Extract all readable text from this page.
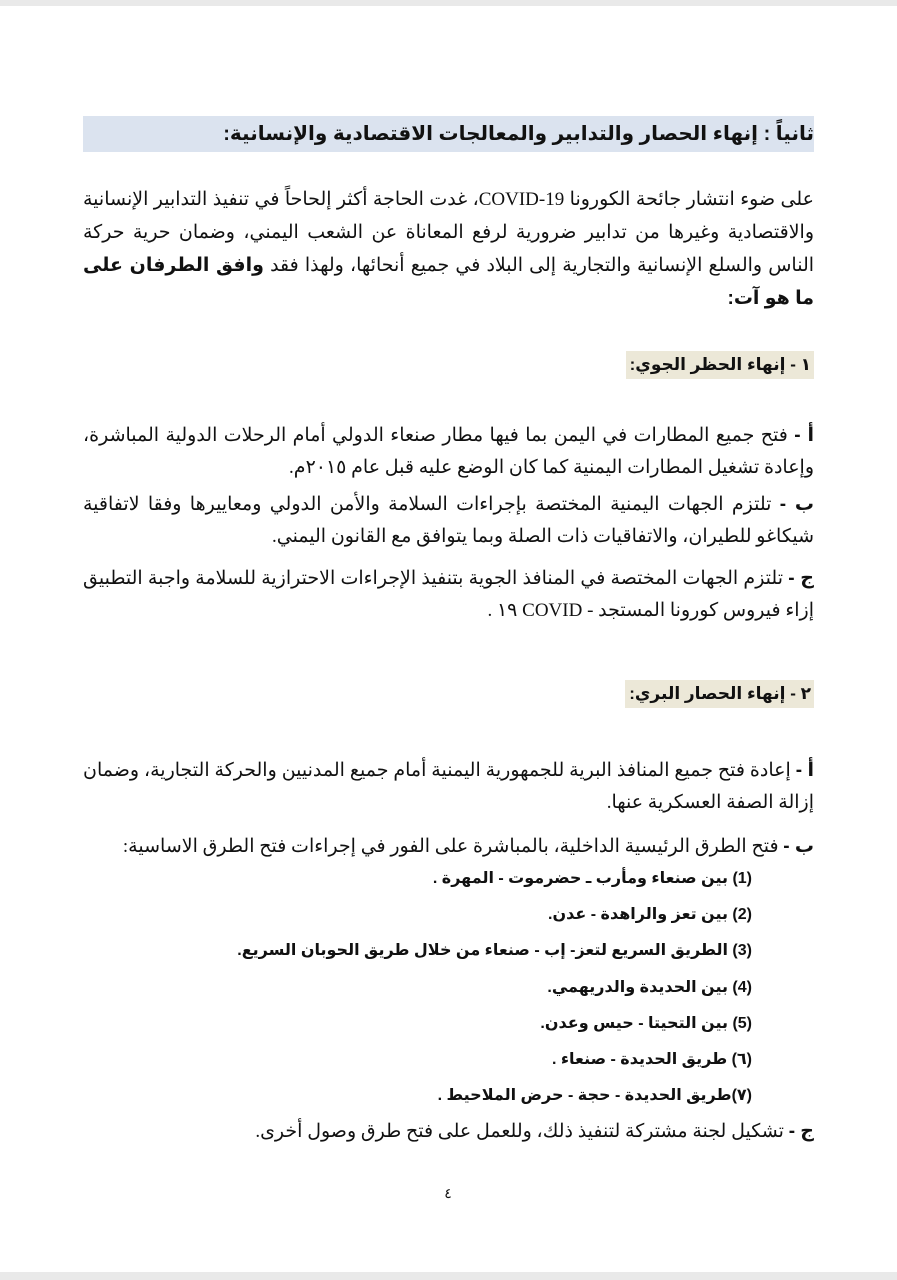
ثانياً : إنهاء الحصار والتدابير والمعالجات الاقتصادية والإنسانية:
على ضوء انتشار جائحة الكورونا COVID-19، غدت الحاجة أكثر إلحاحاً في تنفيذ التدابير الإنسانية والاقتصادية وغيرها من تدابير ضرورية لرفع المعاناة عن الشعب اليمني، وضمان حرية حركة الناس والسلع الإنسانية والتجارية إلى البلاد في جميع أنحائها، ولهذا فقد وافق الطرفان على ما هو آت:
١ - إنهاء الحظر الجوي:
أ - فتح جميع المطارات في اليمن بما فيها مطار صنعاء الدولي أمام الرحلات الدولية المباشرة، وإعادة تشغيل المطارات اليمنية كما كان الوضع عليه قبل عام ٢٠١٥م.
ب - تلتزم الجهات اليمنية المختصة بإجراءات السلامة والأمن الدولي ومعاييرها وفقا لاتفاقية شيكاغو للطيران، والاتفاقيات ذات الصلة وبما يتوافق مع القانون اليمني.
ج - تلتزم الجهات المختصة في المنافذ الجوية بتنفيذ الإجراءات الاحترازية للسلامة واجبة التطبيق إزاء فيروس كورونا المستجد - COVID ١٩ .
٢ - إنهاء الحصار البري:
أ - إعادة فتح جميع المنافذ البرية للجمهورية اليمنية أمام جميع المدنيين والحركة التجارية، وضمان إزالة الصفة العسكرية عنها.
ب - فتح الطرق الرئيسية الداخلية، بالمباشرة على الفور في إجراءات فتح الطرق الاساسية:
(1) بين صنعاء ومأرب ـ حضرموت - المهرة .
(2) بين تعز والراهدة - عدن.
(3) الطريق السريع لتعز- إب - صنعاء من خلال طريق الحوبان السريع.
(4) بين الحديدة والدريهمي.
(5) بين التحيتا - حيس وعدن.
(٦) طريق الحديدة - صنعاء .
(٧)طريق الحديدة - حجة - حرض الملاحيط .
ج - تشكيل لجنة مشتركة لتنفيذ ذلك، وللعمل على فتح طرق وصول أخرى.
٤
